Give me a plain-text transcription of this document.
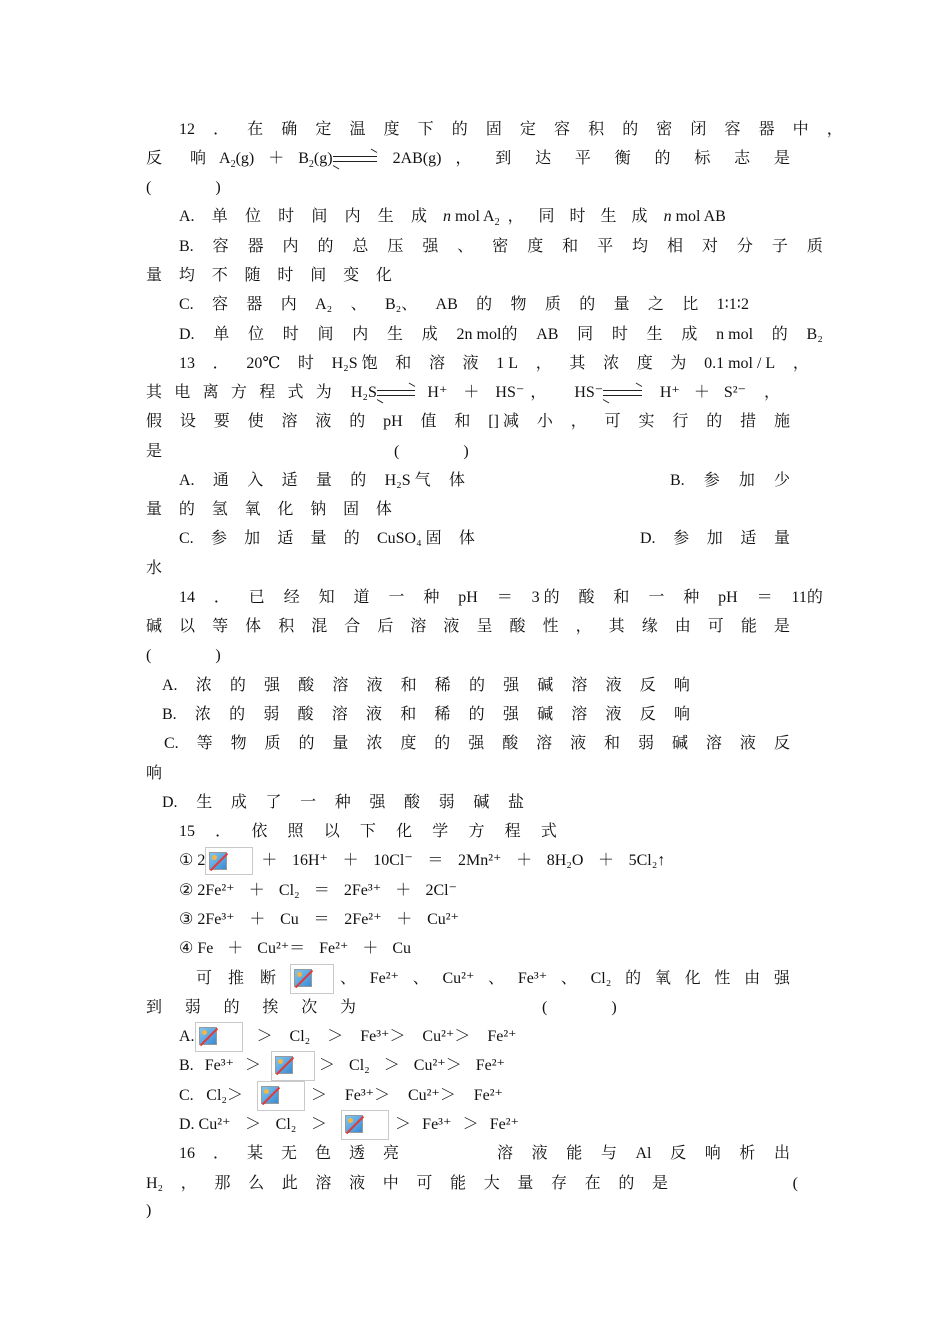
12 ． 在 确 定 温 度 下 的 固 定 容 积 的 密 闭 容 器 中 ，
反 响 $A_2(g) + B_2(g)$	2AB(g) ， 到 达 平 衡 的 标 志 是
(　　　　)
A. 单 位 时 间 内 生 成 n mol $A_2$ ， 同 时 生 成 n mol AB
B. 容 器 内 的 总 压 强 、 密 度 和 平 均 相 对 分 子 质
量 均 不 随 时 间 变 化
C. 容 器 内 A₂ 、 B₂、 AB 的 物 质 的 量 之 比 1∶1∶2
D. 单 位 时 间 内 生 成 2n mol的 AB 同 时 生 成 n mol 的 B₂
13 ． 20℃ 时 H₂S 饱 和 溶 液 1 L ， 其 浓 度 为 0.1 mol / L ，
其 电 离 方 程 式 为 H₂S	H⁺ ＋ HS⁻ ， HS⁻	H⁺ ＋ S²⁻ ，
假 设 要 使 溶 液 的 pH 值 和 [] 减 小 ， 可 实 行 的 措 施
是	(　　　　)
A. 通 入 适 量 的 H₂S 气 体	B. 参 加 少
量 的 氢 氧 化 钠 固 体
C. 参 加 适 量 的 CuSO₄ 固 体	D. 参 加 适 量
水
14 ． 已 经 知 道 一 种 pH ＝ 3 的 酸 和 一 种 pH ＝ 11的
碱 以 等 体 积 混 合 后 溶 液 呈 酸 性 ， 其 缘 由 可 能 是
(　　　　)
A. 浓 的 强 酸 溶 液 和 稀 的 强 碱 溶 液 反 响
B. 浓 的 弱 酸 溶 液 和 稀 的 强 碱 溶 液 反 响
C. 等 物 质 的 量 浓 度 的 强 酸 溶 液 和 弱 碱 溶 液 反
响
D. 生 成 了 一 种 强 酸 弱 碱 盐
15 ． 依 照 以 下 化 学 方 程 式
① 2	＋ 16H⁺ ＋ 10Cl⁻ ＝ 2Mn²⁺ ＋ 8H₂O ＋ 5Cl₂↑
② 2Fe²⁺ ＋ Cl₂ ＝ 2Fe³⁺ ＋ 2Cl⁻
③ 2Fe³⁺ ＋ Cu ＝ 2Fe²⁺ ＋ Cu²⁺
④ Fe ＋ Cu²⁺＝ Fe²⁺ ＋ Cu
可 推 断	、 Fe²⁺ 、 Cu²⁺ 、 Fe³⁺ 、 Cl₂ 的 氧 化 性 由 强
到 弱 的 挨 次 为	(　　　　)
A.	＞ Cl₂ ＞ Fe³⁺＞ Cu²⁺＞ Fe²⁺
B. Fe³⁺ ＞	＞ Cl₂ ＞ Cu²⁺＞ Fe²⁺
C. Cl₂＞	＞ Fe³⁺＞ Cu²⁺＞ Fe²⁺
D. Cu²⁺ ＞ Cl₂ ＞	＞ Fe³⁺ ＞ Fe²⁺
16 ． 某 无 色 透 亮	溶 液 能 与 Al 反 响 析 出
H₂ ， 那 么 此 溶 液 中 可 能 大 量 存 在 的 是	(
)
